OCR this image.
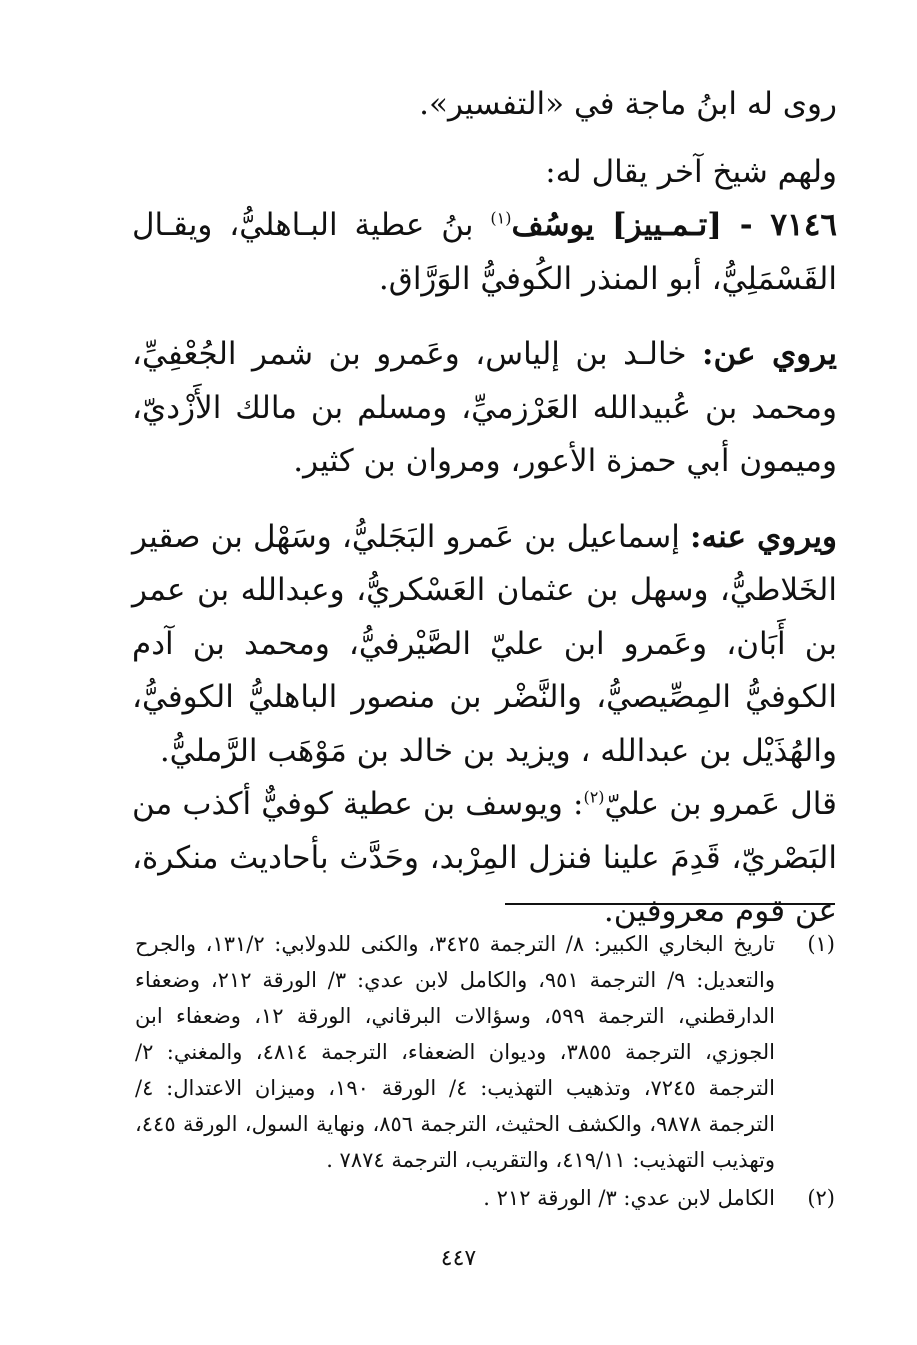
روى له ابنُ ماجة في «التفسير».

ولهم شيخ آخر يقال له:

٧١٤٦ - [تـمـييز] يوسُف$^{(١)}$ بنُ عطية البـاهليُّ، ويقـال القَسْمَلِيُّ، أبو المنذر الكُوفيُّ الوَرَّاق.

يروي عن: خالـد بن إلياس، وعَمرو بن شمر الجُعْفِيِّ، ومحمد بن عُبيدالله العَرْزميِّ، ومسلم بن مالك الأَزْديّ، وميمون أبي حمزة الأعور، ومروان بن كثير.

ويروي عنه: إسماعيل بن عَمرو البَجَليُّ، وسَهْل بن صقير الخَلاطيُّ، وسهل بن عثمان العَسْكريُّ، وعبدالله بن عمر بن أَبَان، وعَمرو ابن عليّ الصَّيْرفيُّ، ومحمد بن آدم الكوفيُّ المِصِّيصيُّ، والنَّضْر بن منصور الباهليُّ الكوفيُّ، والهُذَيْل بن عبدالله ، ويزيد بن خالد بن مَوْهَب الرَّمليُّ.

قال عَمرو بن عليّ$^{(٢)}$: ويوسف بن عطية كوفيٌّ أكذب من البَصْريّ، قَدِمَ علينا فنزل المِرْبد، وحَدَّث بأحاديث منكرة، عن قوم معروفين.

(١)
تاريخ البخاري الكبير: ٨/ الترجمة ٣٤٢٥، والكنى للدولابي: ١٣١/٢، والجرح والتعديل: ٩/ الترجمة ٩٥١، والكامل لابن عدي: ٣/ الورقة ٢١٢، وضعفاء الدارقطني، الترجمة ٥٩٩، وسؤالات البرقاني، الورقة ١٢، وضعفاء ابن الجوزي، الترجمة ٣٨٥٥، وديوان الضعفاء، الترجمة ٤٨١٤، والمغني: ٢/ الترجمة ٧٢٤٥، وتذهيب التهذيب: ٤/ الورقة ١٩٠، وميزان الاعتدال: ٤/ الترجمة ٩٨٧٨، والكشف الحثيث، الترجمة ٨٥٦، ونهاية السول، الورقة ٤٤٥، وتهذيب التهذيب: ٤١٩/١١، والتقريب، الترجمة ٧٨٧٤ .
(٢)
الكامل لابن عدي: ٣/ الورقة ٢١٢ .
٤٤٧
